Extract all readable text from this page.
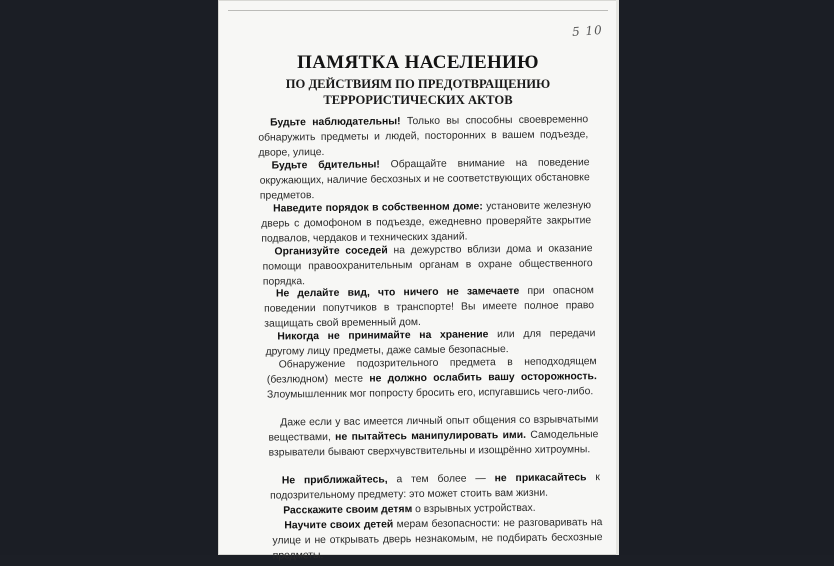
5 10
ПАМЯТКА НАСЕЛЕНИЮ
ПО ДЕЙСТВИЯМ ПО ПРЕДОТВРАЩЕНИЮ
ТЕРРОРИСТИЧЕСКИХ АКТОВ
Будьте наблюдательны! Только вы способны своевременно обнаружить предметы и людей, посторонних в вашем подъезде, дворе, улице.
Будьте бдительны! Обращайте внимание на поведение окружающих, наличие бесхозных и не соответствующих обстановке предметов.
Наведите порядок в собственном доме: установите железную дверь с домофоном в подъезде, ежедневно проверяйте закрытие подвалов, чердаков и технических зданий.
Организуйте соседей на дежурство вблизи дома и оказание помощи правоохранительным органам в охране общественного порядка.
Не делайте вид, что ничего не замечаете при опасном поведении попутчиков в транспорте! Вы имеете полное право защищать свой временный дом.
Никогда не принимайте на хранение или для передачи другому лицу предметы, даже самые безопасные.
Обнаружение подозрительного предмета в неподходящем (безлюдном) месте не должно ослабить вашу осторожность. Злоумышленник мог попросту бросить его, испугавшись чего-либо.
Даже если у вас имеется личный опыт общения со взрывчатыми веществами, не пытайтесь манипулировать ими. Самодельные взрыватели бывают сверхчувствительны и изощрённо хитроумны.
Не приближайтесь, а тем более — не прикасайтесь к подозрительному предмету: это может стоить вам жизни.
Расскажите своим детям о взрывных устройствах.
Научите своих детей мерам безопасности: не разговаривать на улице и не открывать дверь незнакомым, не подбирать бесхозные предметы.
